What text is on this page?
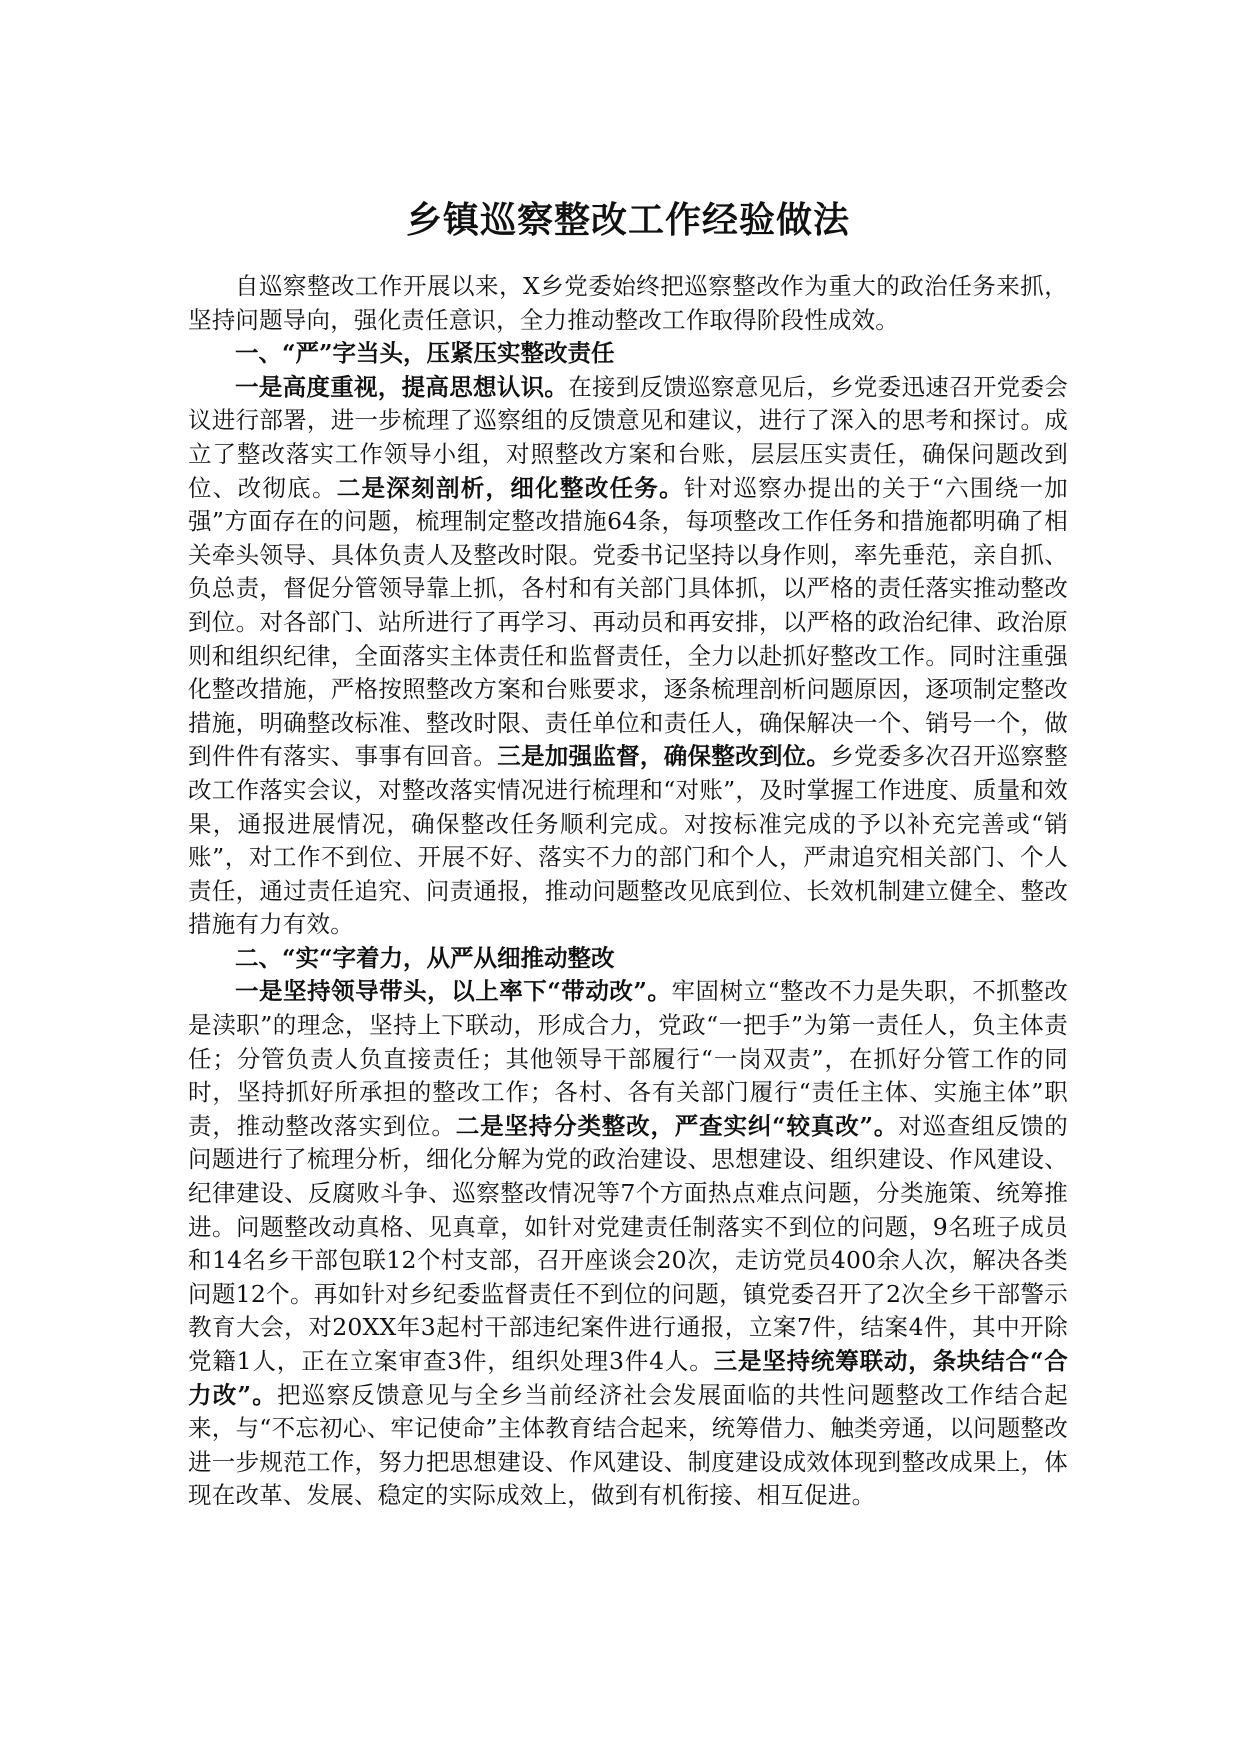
乡镇巡察整改工作经验做法

自巡察整改工作开展以来，X乡党委始终把巡察整改作为重大的政治任务来抓，坚持问题导向，强化责任意识，全力推动整改工作取得阶段性成效。

一、“严”字当头，压紧压实整改责任

一是高度重视，提高思想认识。在接到反馈巡察意见后，乡党委迅速召开党委会议进行部署，进一步梳理了巡察组的反馈意见和建议，进行了深入的思考和探讨。成立了整改落实工作领导小组，对照整改方案和台账，层层压实责任，确保问题改到位、改彻底。二是深刻剖析，细化整改任务。针对巡察办提出的关于“六围绕一加强”方面存在的问题，梳理制定整改措施64条，每项整改工作任务和措施都明确了相关牵头领导、具体负责人及整改时限。党委书记坚持以身作则，率先垂范，亲自抓、负总责，督促分管领导靠上抓，各村和有关部门具体抓，以严格的责任落实推动整改到位。对各部门、站所进行了再学习、再动员和再安排，以严格的政治纪律、政治原则和组织纪律，全面落实主体责任和监督责任，全力以赴抓好整改工作。同时注重强化整改措施，严格按照整改方案和台账要求，逐条梳理剖析问题原因，逐项制定整改措施，明确整改标准、整改时限、责任单位和责任人，确保解决一个、销号一个，做到件件有落实、事事有回音。三是加强监督，确保整改到位。乡党委多次召开巡察整改工作落实会议，对整改落实情况进行梳理和“对账”，及时掌握工作进度、质量和效果，通报进展情况，确保整改任务顺利完成。对按标准完成的予以补充完善或“销账”，对工作不到位、开展不好、落实不力的部门和个人，严肃追究相关部门、个人责任，通过责任追究、问责通报，推动问题整改见底到位、长效机制建立健全、整改措施有力有效。

二、“实“字着力，从严从细推动整改

一是坚持领导带头，以上率下“带动改”。牢固树立“整改不力是失职，不抓整改是渎职”的理念，坚持上下联动，形成合力，党政“一把手”为第一责任人，负主体责任；分管负责人负直接责任；其他领导干部履行“一岗双责”，在抓好分管工作的同时，坚持抓好所承担的整改工作；各村、各有关部门履行“责任主体、实施主体”职责，推动整改落实到位。二是坚持分类整改，严查实纠“较真改”。对巡查组反馈的问题进行了梳理分析，细化分解为党的政治建设、思想建设、组织建设、作风建设、纪律建设、反腐败斗争、巡察整改情况等7个方面热点难点问题，分类施策、统筹推进。问题整改动真格、见真章，如针对党建责任制落实不到位的问题，9名班子成员和14名乡干部包联12个村支部，召开座谈会20次，走访党员400余人次，解决各类问题12个。再如针对乡纪委监督责任不到位的问题，镇党委召开了2次全乡干部警示教育大会，对20XX年3起村干部违纪案件进行通报，立案7件，结案4件，其中开除党籍1人，正在立案审查3件，组织处理3件4人。三是坚持统筹联动，条块结合“合力改”。把巡察反馈意见与全乡当前经济社会发展面临的共性问题整改工作结合起来，与“不忘初心、牢记使命”主体教育结合起来，统筹借力、触类旁通，以问题整改进一步规范工作，努力把思想建设、作风建设、制度建设成效体现到整改成果上，体现在改革、发展、稳定的实际成效上，做到有机衔接、相互促进。
